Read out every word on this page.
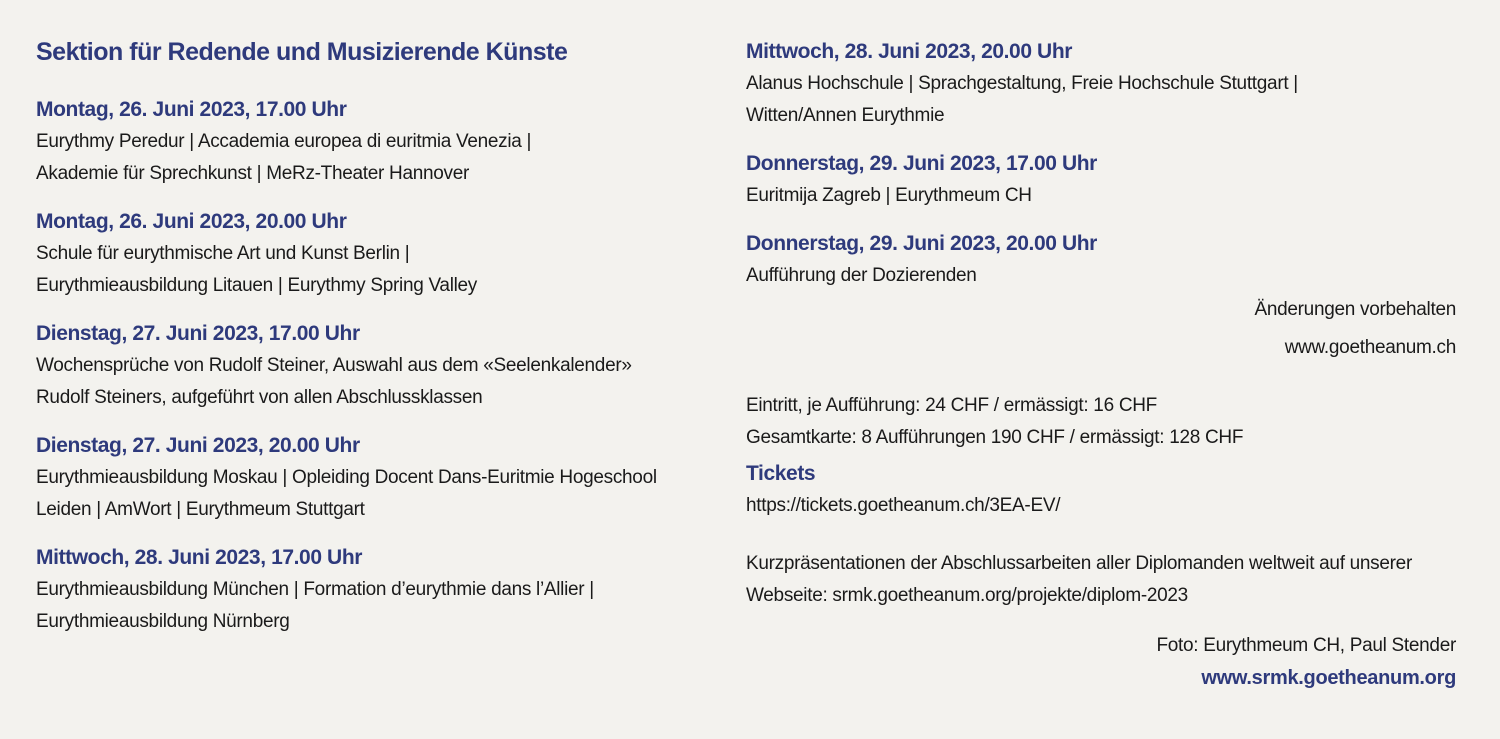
Sektion für Redende und Musizierende Künste
Montag, 26. Juni 2023, 17.00 Uhr
Eurythmy Peredur | Accademia europea di euritmia Venezia |
Akademie für Sprechkunst | MeRz-Theater Hannover
Montag, 26. Juni 2023, 20.00 Uhr
Schule für eurythmische Art und Kunst Berlin |
Eurythmieausbildung Litauen | Eurythmy Spring Valley
Dienstag, 27. Juni 2023, 17.00 Uhr
Wochensprüche von Rudolf Steiner, Auswahl aus dem «Seelenkalender»
Rudolf Steiners, aufgeführt von allen Abschlussklassen
Dienstag, 27. Juni 2023, 20.00 Uhr
Eurythmieausbildung Moskau | Opleiding Docent Dans-Euritmie Hogeschool
Leiden | AmWort | Eurythmeum Stuttgart
Mittwoch, 28. Juni 2023, 17.00 Uhr
Eurythmieausbildung München | Formation d’eurythmie dans l’Allier |
Eurythmieausbildung Nürnberg
Mittwoch, 28. Juni 2023, 20.00 Uhr
Alanus Hochschule | Sprachgestaltung, Freie Hochschule Stuttgart |
Witten/Annen Eurythmie
Donnerstag, 29. Juni 2023, 17.00 Uhr
Euritmija Zagreb | Eurythmeum CH
Donnerstag, 29. Juni 2023, 20.00 Uhr
Aufführung der Dozierenden
Änderungen vorbehalten
www.goetheanum.ch
Eintritt, je Aufführung: 24 CHF / ermässigt: 16 CHF
Gesamtkarte: 8 Aufführungen 190 CHF / ermässigt: 128 CHF
Tickets
https://tickets.goetheanum.ch/3EA-EV/
Kurzpräsentationen der Abschlussarbeiten aller Diplomanden weltweit auf unserer
Webseite: srmk.goetheanum.org/projekte/diplom-2023
Foto: Eurythmeum CH, Paul Stender
www.srmk.goetheanum.org
